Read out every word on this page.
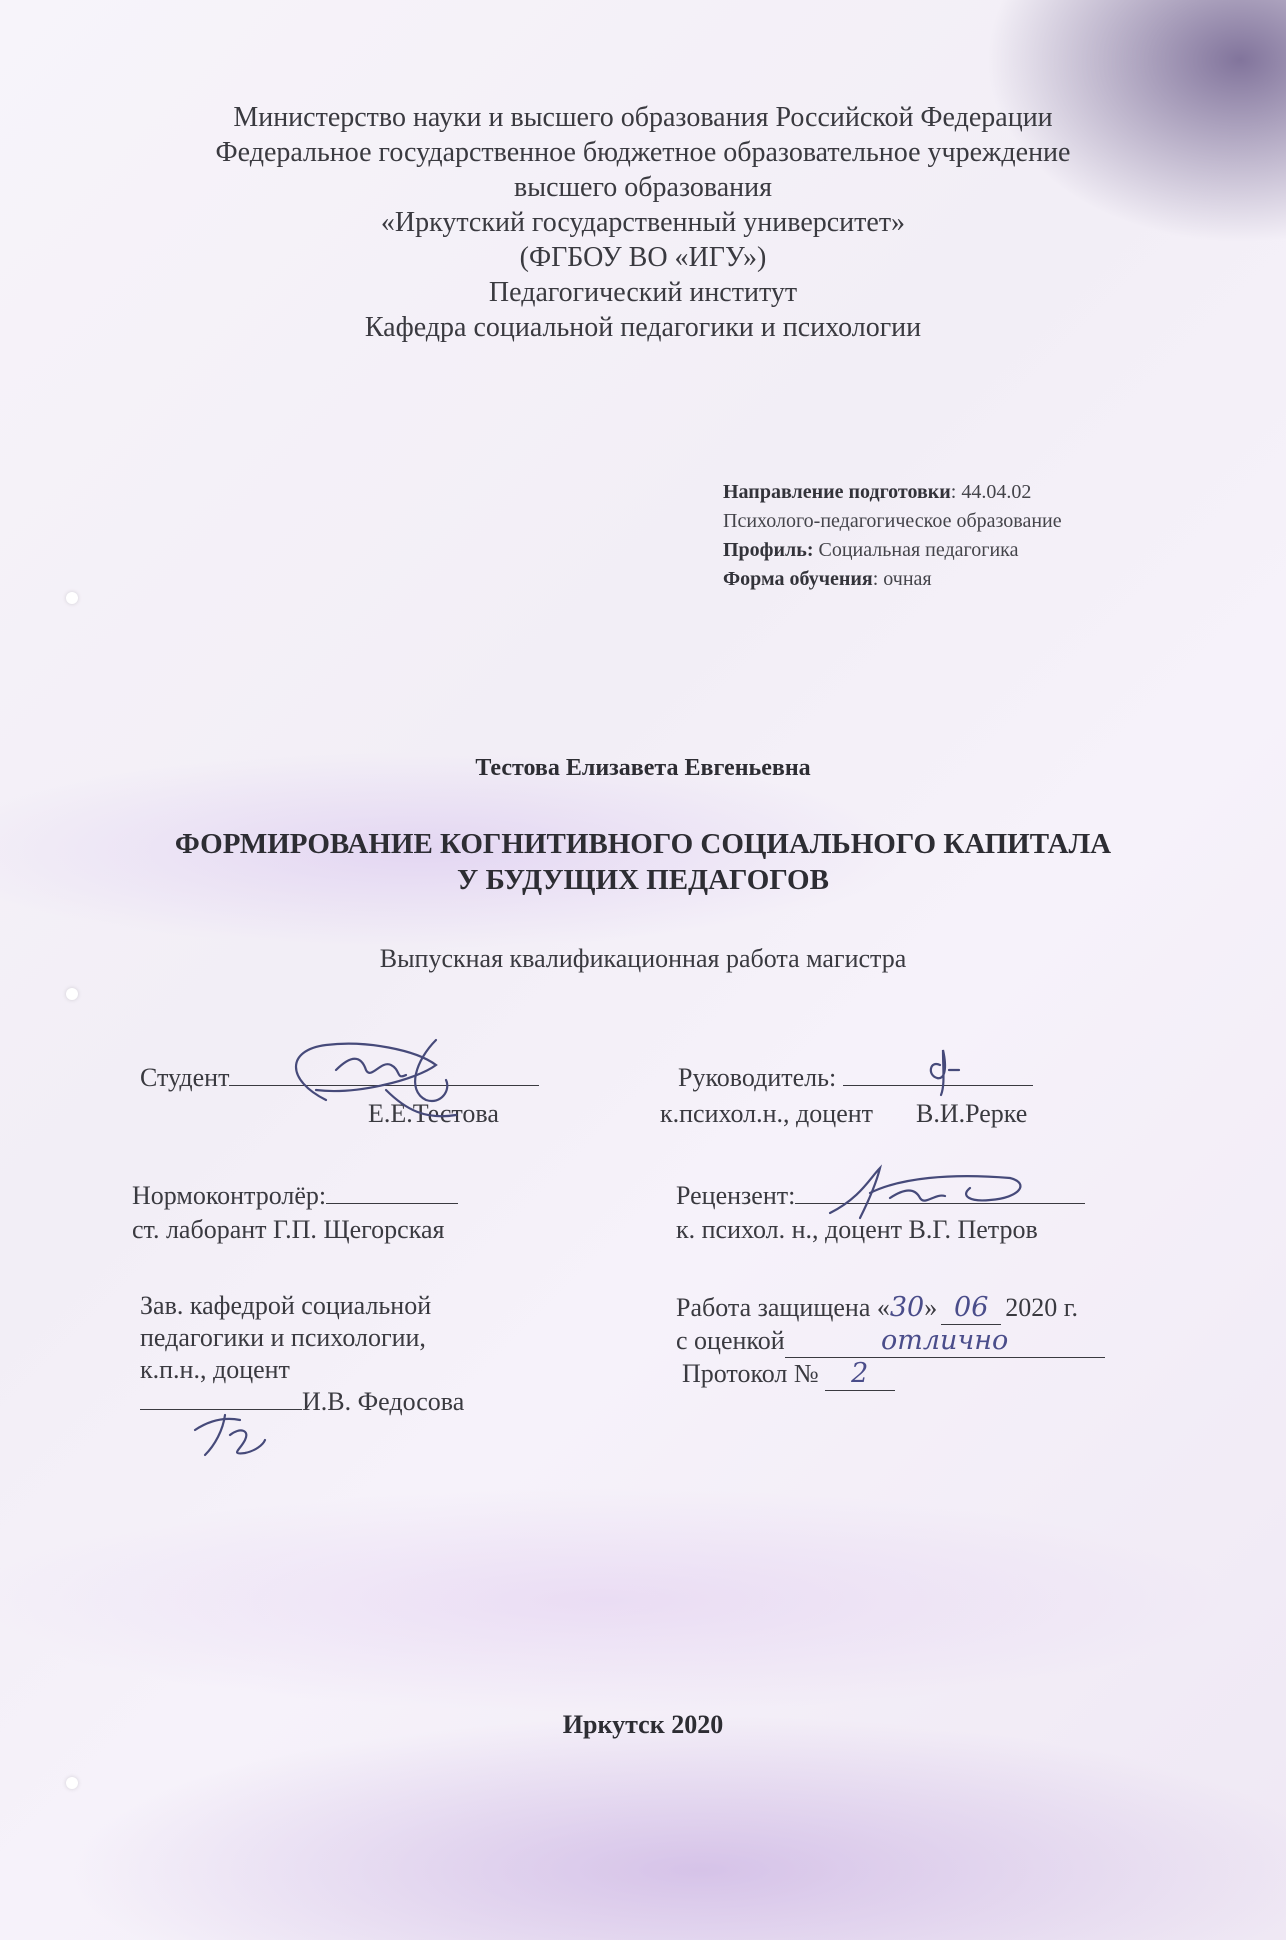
Министерство науки и высшего образования Российской Федерации
Федеральное государственное бюджетное образовательное учреждение
высшего образования
«Иркутский государственный университет»
(ФГБОУ ВО «ИГУ»)
Педагогический институт
Кафедра социальной педагогики и психологии
Направление подготовки: 44.04.02
Психолого-педагогическое образование
Профиль: Социальная педагогика
Форма обучения: очная
Тестова Елизавета Евгеньевна
ФОРМИРОВАНИЕ КОГНИТИВНОГО СОЦИАЛЬНОГО КАПИТАЛА
У БУДУЩИХ ПЕДАГОГОВ
Выпускная квалификационная работа магистра
Студент
Е.Е.Тестова
Руководитель:
к.психол.н., доцент В.И.Рерке
Нормоконтролёр:
ст. лаборант Г.П. Щегорская
Рецензент:
к. психол. н., доцент В.Г. Петров
Зав. кафедрой социальной
педагогики и психологии,
к.п.н., доцент
И.В. Федосова
Работа защищена «30» 06 2020 г.
с оценкой	отлично
Протокол № 2
Иркутск 2020
